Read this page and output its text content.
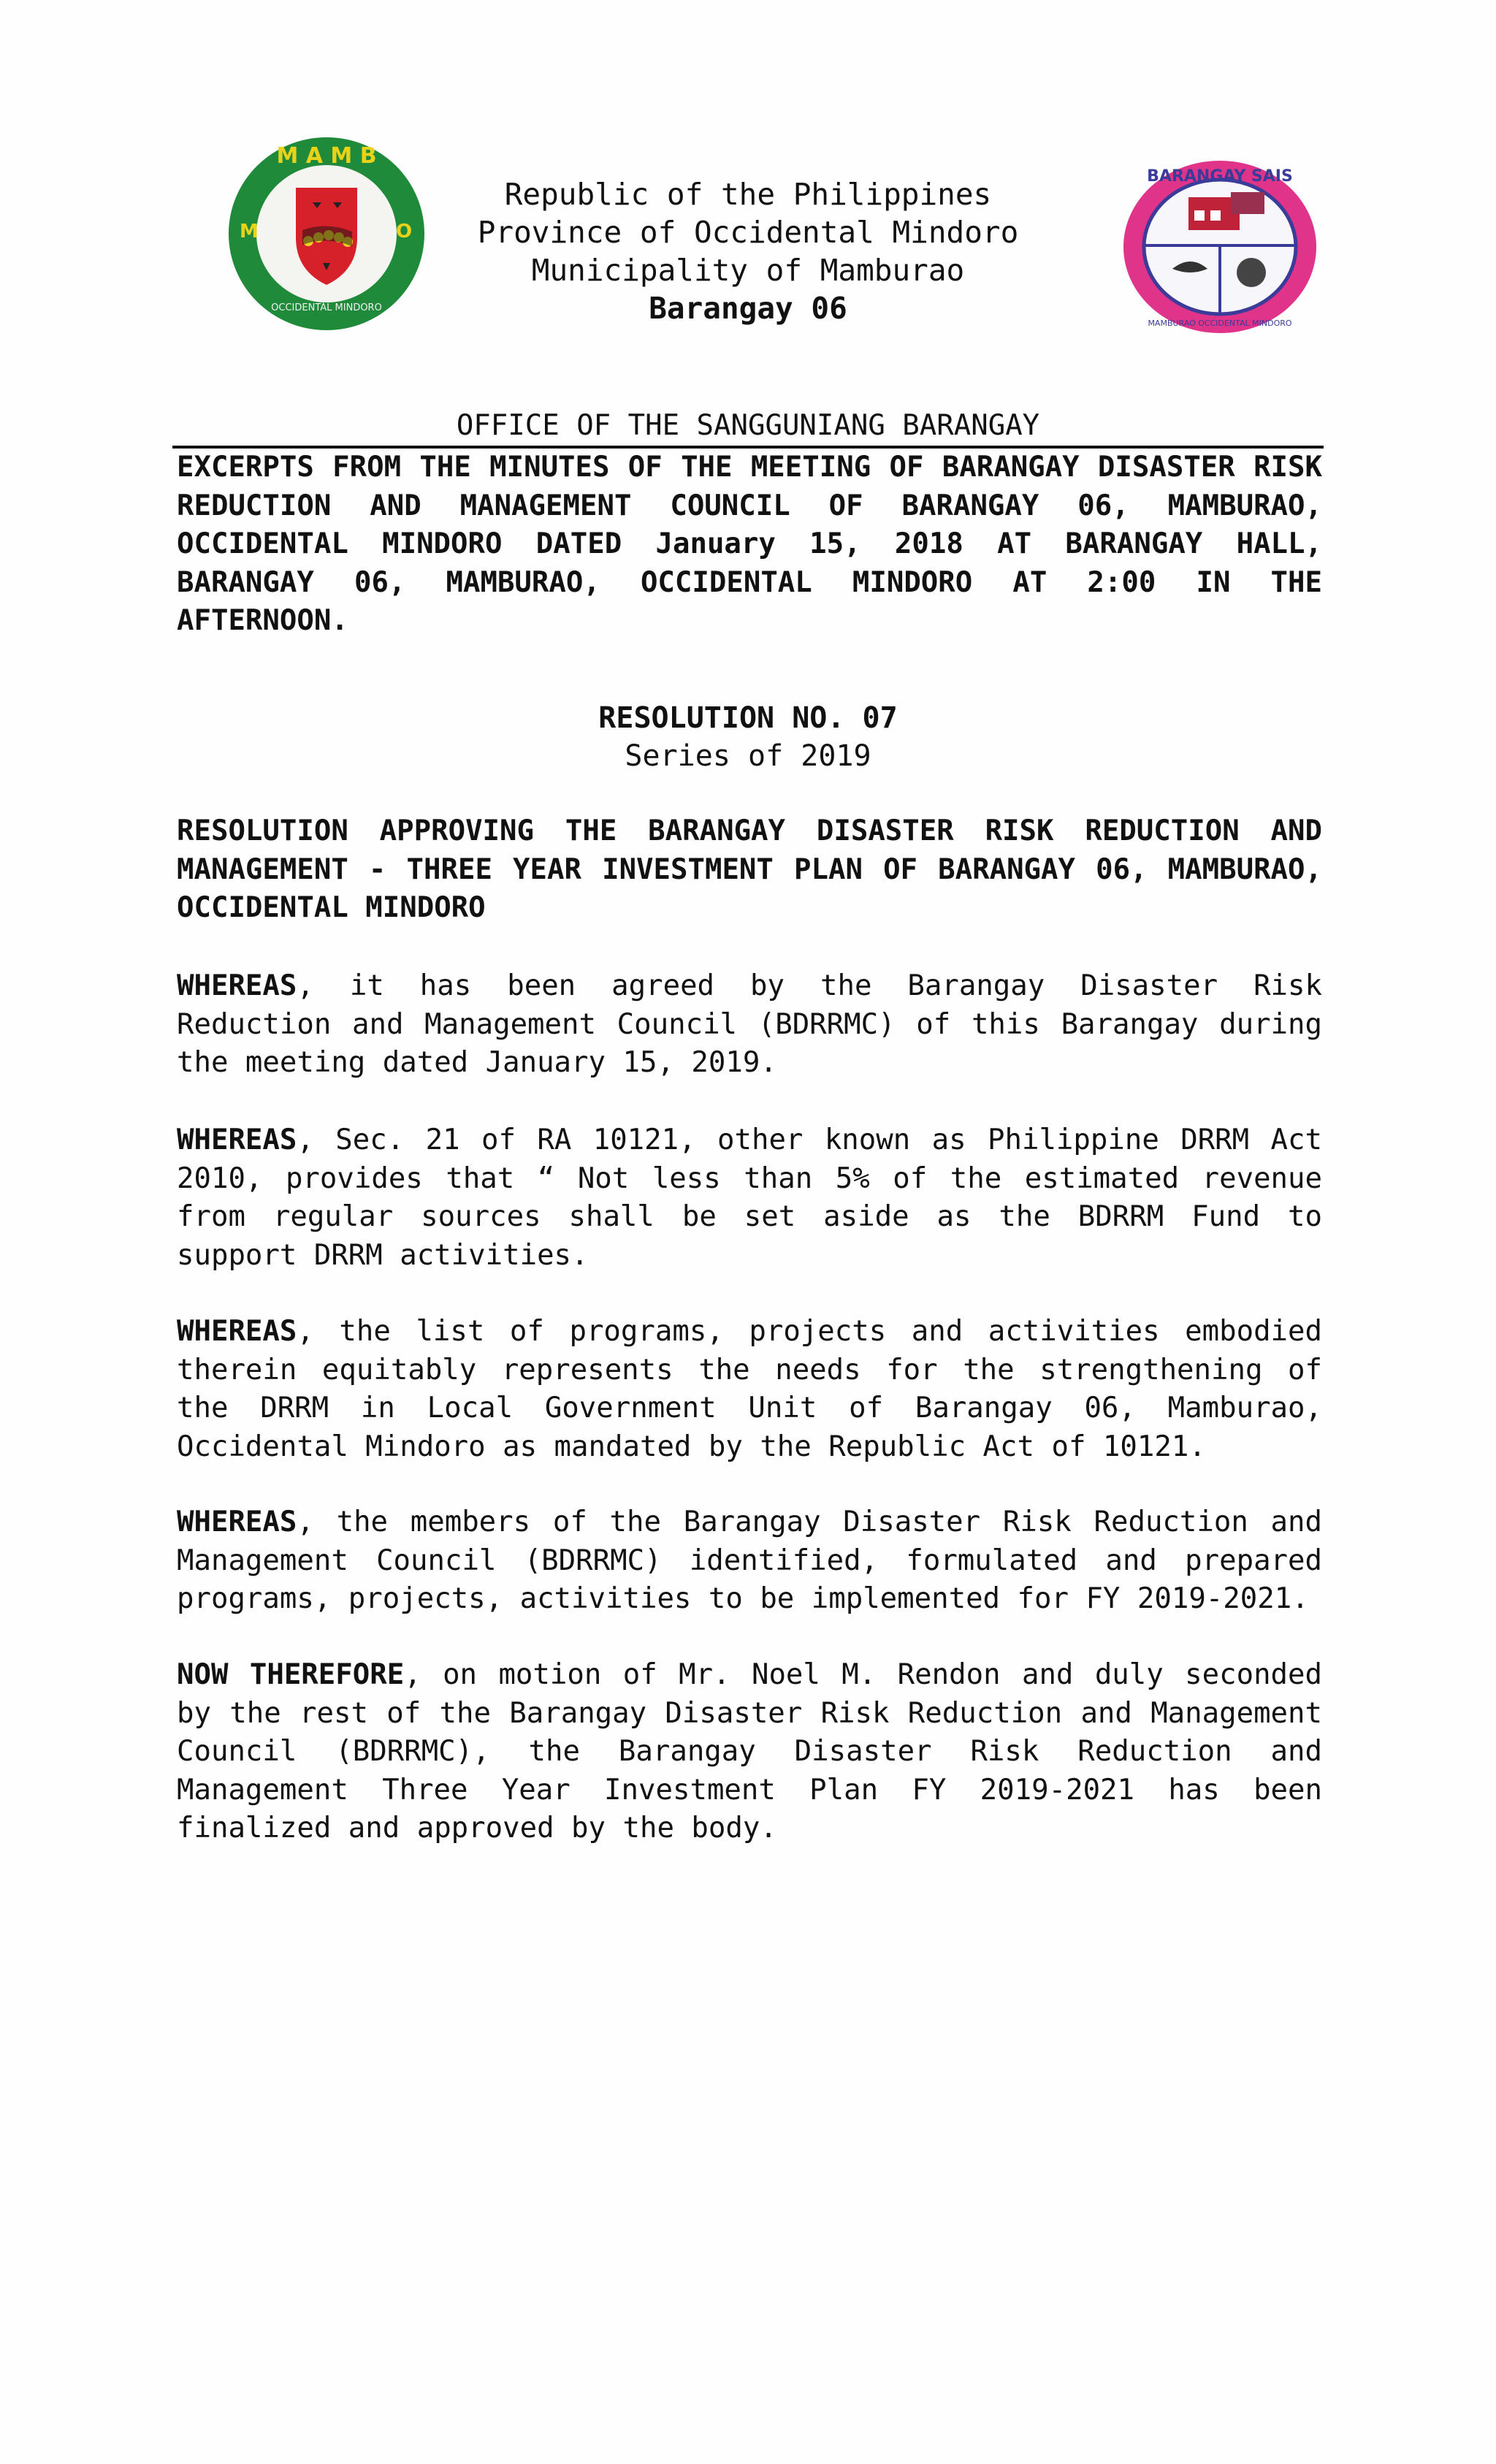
M A M B
OCCIDENTAL MINDORO
M	O
BARANGAY SAIS
MAMBURAO OCCIDENTAL MINDORO
Republic of the Philippines
Province of Occidental Mindoro
Municipality of Mamburao
Barangay 06
OFFICE OF THE SANGGUNIANG BARANGAY
EXCERPTS FROM THE MINUTES OF THE MEETING OF BARANGAY DISASTER RISK REDUCTION AND MANAGEMENT COUNCIL OF BARANGAY 06, MAMBURAO, OCCIDENTAL MINDORO DATED January 15, 2018 AT BARANGAY HALL, BARANGAY 06, MAMBURAO, OCCIDENTAL MINDORO AT 2:00 IN THE AFTERNOON.
RESOLUTION NO. 07
Series of 2019
RESOLUTION APPROVING THE BARANGAY DISASTER RISK REDUCTION AND MANAGEMENT - THREE YEAR INVESTMENT PLAN OF BARANGAY 06, MAMBURAO, OCCIDENTAL MINDORO
WHEREAS, it has been agreed by the Barangay Disaster Risk Reduction and Management Council (BDRRMC) of this Barangay during the meeting dated January 15, 2019.
WHEREAS, Sec. 21 of RA 10121, other known as Philippine DRRM Act 2010, provides that “ Not less than 5% of the estimated revenue from regular sources shall be set aside as the BDRRM Fund to support DRRM activities.
WHEREAS, the list of programs, projects and activities embodied therein equitably represents the needs for the strengthening of the DRRM in Local Government Unit of Barangay 06, Mamburao, Occidental Mindoro as mandated by the Republic Act of 10121.
WHEREAS, the members of the Barangay Disaster Risk Reduction and Management Council (BDRRMC) identified, formulated and prepared programs, projects, activities to be implemented for FY 2019-2021.
NOW THEREFORE, on motion of Mr. Noel M. Rendon and duly seconded by the rest of the Barangay Disaster Risk Reduction and Management Council (BDRRMC), the Barangay Disaster Risk Reduction and Management Three Year Investment Plan FY 2019-2021 has been finalized and approved by the body.
